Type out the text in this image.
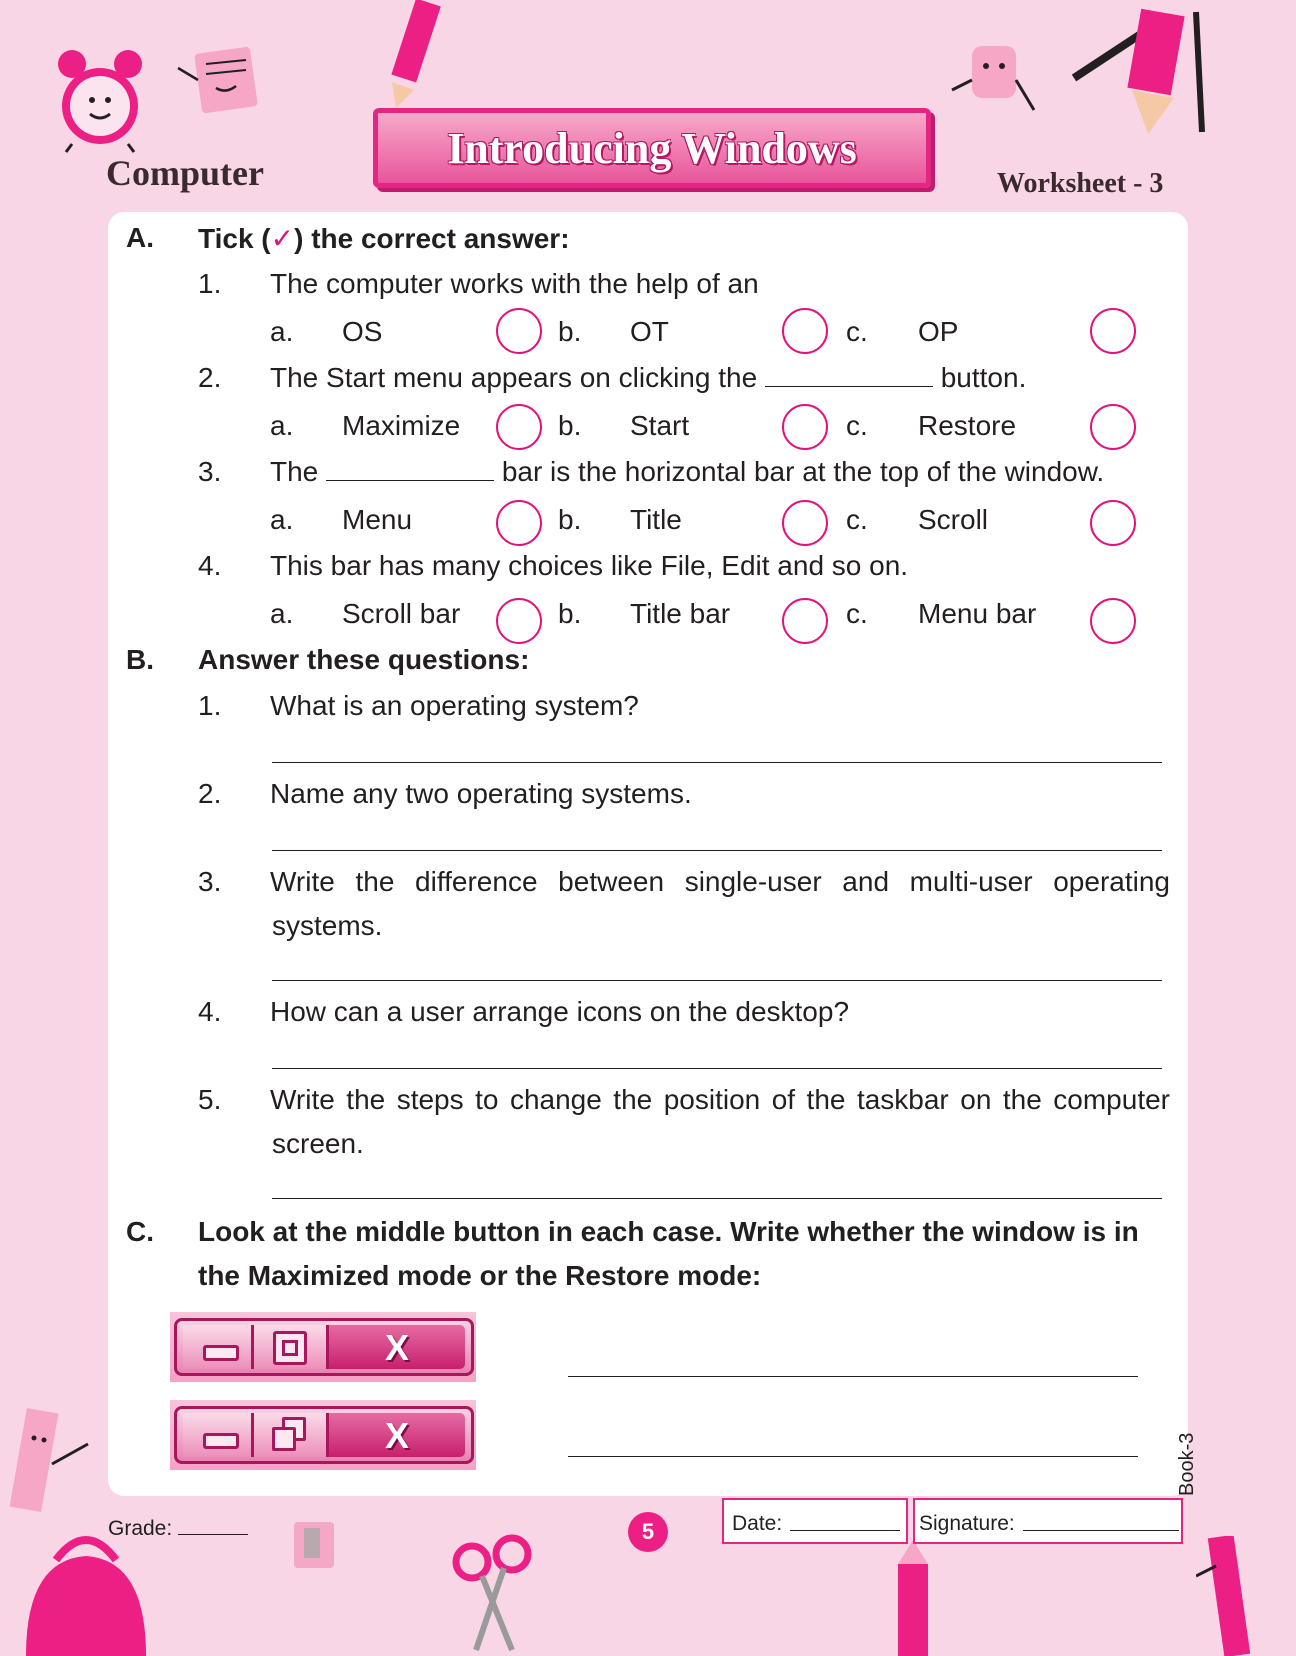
Computer
Introducing Windows
Worksheet - 3
A. Tick (✓) the correct answer:
1. The computer works with the help of an
a. OS	b. OT	c. OP
2. The Start menu appears on clicking the	button.
a. Maximize	b. Start	c. Restore
3. The	bar is the horizontal bar at the top of the window.
a. Menu	b. Title	c. Scroll
4. This bar has many choices like File, Edit and so on.
a. Scroll bar	b. Title bar	c. Menu bar
B. Answer these questions:
1. What is an operating system?
2. Name any two operating systems.
3. Write the difference between single-user and multi-user operating
systems.
4. How can a user arrange icons on the desktop?
5. Write the steps to change the position of the taskbar on the computer
screen.
C. Look at the middle button in each case. Write whether the window is in
the Maximized mode or the Restore mode:
X
X	Book-3
Grade:	5	Date:	Signature:
